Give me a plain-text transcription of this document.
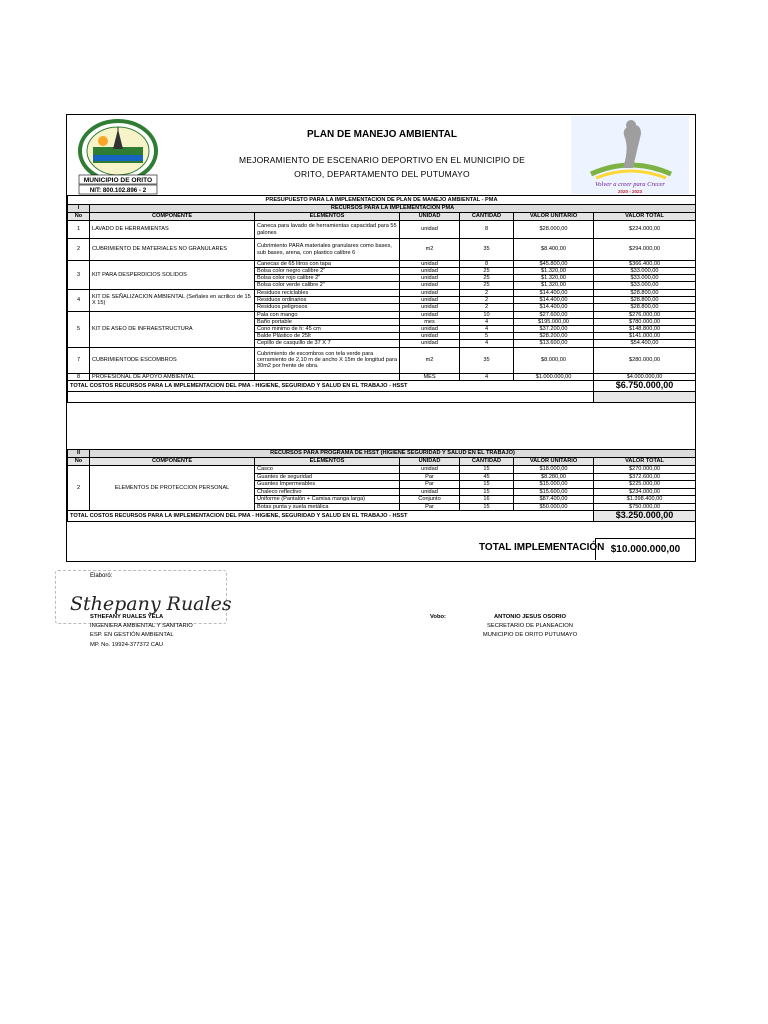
MUNICIPIO DE ORITO
NIT: 800.102.896 - 2
PLAN DE MANEJO AMBIENTAL
MEJORAMIENTO DE ESCENARIO DEPORTIVO EN EL MUNICIPIO DE
ORITO, DEPARTAMENTO DEL PUTUMAYO
Volver a creer para Crecer
2020 - 2023
PRESUPUESTO PARA LA IMPLEMENTACION DE PLAN DE MANEJO AMBIENTAL - PMA						
I	RECURSOS PARA LA IMPLEMENTACION PMA					
No	COMPONENTE	ELEMENTOS	UNIDAD	CANTIDAD	VALOR UNITARIO	VALOR TOTAL
1	LAVADO DE HERRAMIENTAS	Caneca para lavado de herramientas capacidad para 55 galones	unidad	8	$28.000,00	$224.000,00
2	CUBRIMIENTO DE MATERIALES NO GRANULARES	Cubrimiento PARA materiales granulares como bases, sub bases, arena, con plastico calibre 6	m2	35	$8.400,00	$294.000,00
3	KIT PARA DESPERDICIOS SOLIDOS	Canecas de 65 litros con tapa	unidad	8	$45.800,00	$366.400,00
		Bolsa color negro calibre 2"	unidad	25	$1.320,00	$33.000,00
		Bolsa color rojo calibre 2"	unidad	25	$1.320,00	$33.000,00
		Bolsa color verde calibre 2"	unidad	25	$1.320,00	$33.000,00
4	KIT DE SEÑALIZACION AMBIENTAL (Señales en acrilico de 15 X 15)	Residuos reciclables	unidad	2	$14.400,00	$28.800,00
		Residuos ordinarios	unidad	2	$14.400,00	$28.800,00
		Residuos peligrosos	unidad	2	$14.400,00	$28.800,00
5	KIT DE ASEO DE INFRAESTRUCTURA	Pala con mango	unidad	10	$27.600,00	$276.000,00
		Baño portable	mes	4	$195.000,00	$780.000,00
		Cono minimo de h: 45 cm	unidad	4	$37.200,00	$148.800,00
		Balde Plástico de 25lt	unidad	5	$28.200,00	$141.000,00
		Cepillo de casquillo de 37 X 7	unidad	4	$13.600,00	$54.400,00
7	CUBRIMIENTODE ESCOMBROS	Cubrimiento de escombros con tela verde para cerramiento de 2,10 m de ancho X 15m de longitud para 30m2 por frente de obra.	m2	35	$8.000,00	$280.000,00
8	PROFESIONAL DE APOYO AMBIENTAL		MES	4	$1.000.000,00	$4.000.000,00
TOTAL COSTOS RECURSOS PARA LA IMPLEMENTACION DEL PMA - HIGIENE, SEGURIDAD Y SALUD EN EL TRABAJO - HSST						$6.750.000,00

II	RECURSOS PARA PROGRAMA DE HSST (HIGIENE SEGURIDAD Y SALUD EN EL TRABAJO)					
No	COMPONENTE	ELEMENTOS	UNIDAD	CANTIDAD	VALOR UNITARIO	VALOR TOTAL
2	ELEMENTOS DE PROTECCION PERSONAL	Casco	unidad	15	$18.000,00	$270.000,00
		Guantes de seguridad	Par	45	$8.280,00	$372.600,00
		Guantes Impermeables	Par	15	$15.000,00	$225.000,00
		Chaleco reflectivo	unidad	15	$15.600,00	$234.000,00
		Uniforme (Pantalón + Camisa manga larga)	Conjunto	16	$87.400,00	$1.398.400,00
		Botas punta y suela metálica	Par	15	$50.000,00	$750.000,00
TOTAL COSTOS RECURSOS PARA LA IMPLEMENTACION DEL PMA - HIGIENE, SEGURIDAD Y SALUD EN EL TRABAJO - HSST						$3.250.000,00
TOTAL IMPLEMENTACIÓN $10.000.000,00
Elaboró:
Sthepany Ruales
STHEFANY RUALES YELA
INGENIERA AMBIENTAL Y SANITARIO
ESP. EN GESTIÓN AMBIENTAL
MP. No. 19924-377372 CAU
Vobo:	ANTONIO JESUS OSORIO
SECRETARIO DE PLANEACION
MUNICIPIO DE ORITO PUTUMAYO
